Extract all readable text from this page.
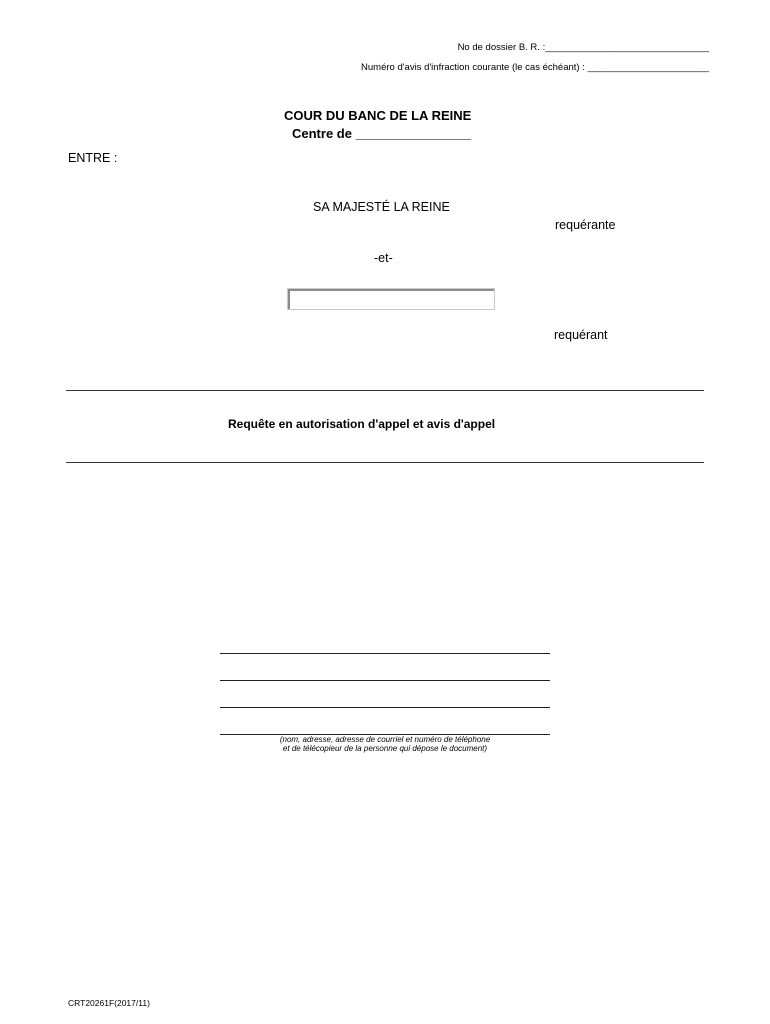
No de dossier B. R. :_______________________________
Numéro d'avis d'infraction courante (le cas échéant) : _______________________
COUR DU BANC DE LA REINE
Centre de ________________
ENTRE :
SA MAJESTÉ LA REINE
requérante
-et-
requérant
Requête en autorisation d'appel et avis d'appel
(nom, adresse, adresse de courriel et numéro de téléphone
et de télécopieur de la personne qui dépose le document)
CRT20261F(2017/11)
